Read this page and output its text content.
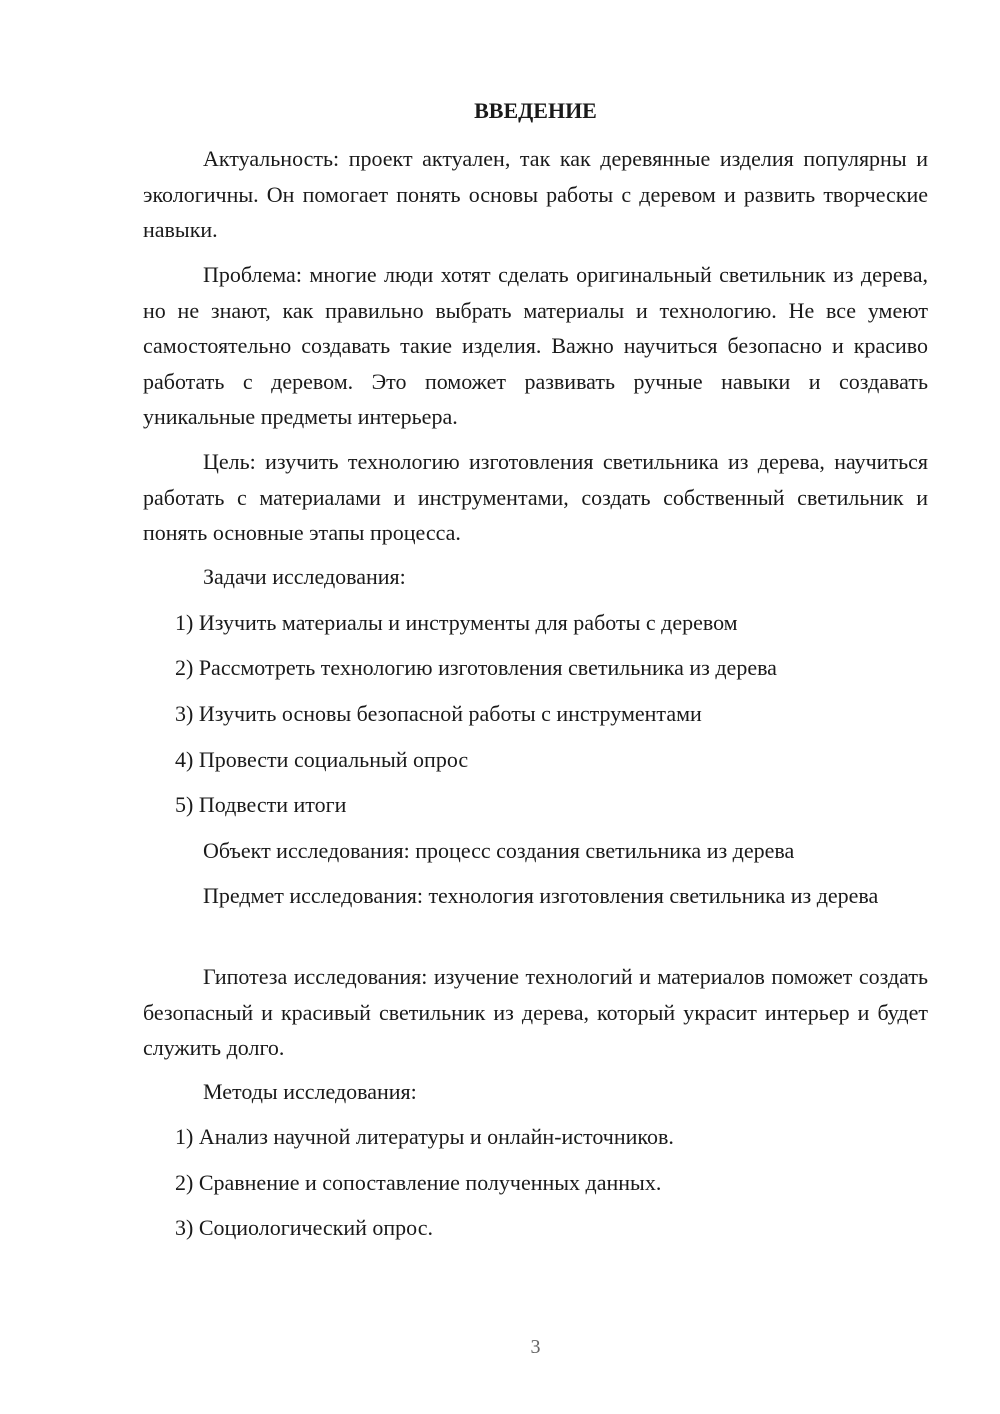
ВВЕДЕНИЕ

Актуальность: проект актуален, так как деревянные изделия популярны и экологичны. Он помогает понять основы работы с деревом и развить творческие навыки.

Проблема: многие люди хотят сделать оригинальный светильник из дерева, но не знают, как правильно выбрать материалы и технологию. Не все умеют самостоятельно создавать такие изделия. Важно научиться безопасно и красиво работать с деревом. Это поможет развивать ручные навыки и создавать уникальные предметы интерьера.

Цель: изучить технологию изготовления светильника из дерева, научиться работать с материалами и инструментами, создать собственный светильник и понять основные этапы процесса.

Задачи исследования:

1) Изучить материалы и инструменты для работы с деревом

2) Рассмотреть технологию изготовления светильника из дерева

3) Изучить основы безопасной работы с инструментами

4) Провести социальный опрос

5) Подвести итоги

Объект исследования: процесс создания светильника из дерева

Предмет исследования: технология изготовления светильника из дерева

Гипотеза исследования: изучение технологий и материалов поможет создать безопасный и красивый светильник из дерева, который украсит интерьер и будет служить долго.

Методы исследования:

1) Анализ научной литературы и онлайн-источников.

2) Сравнение и сопоставление полученных данных.

3) Социологический опрос.

3
